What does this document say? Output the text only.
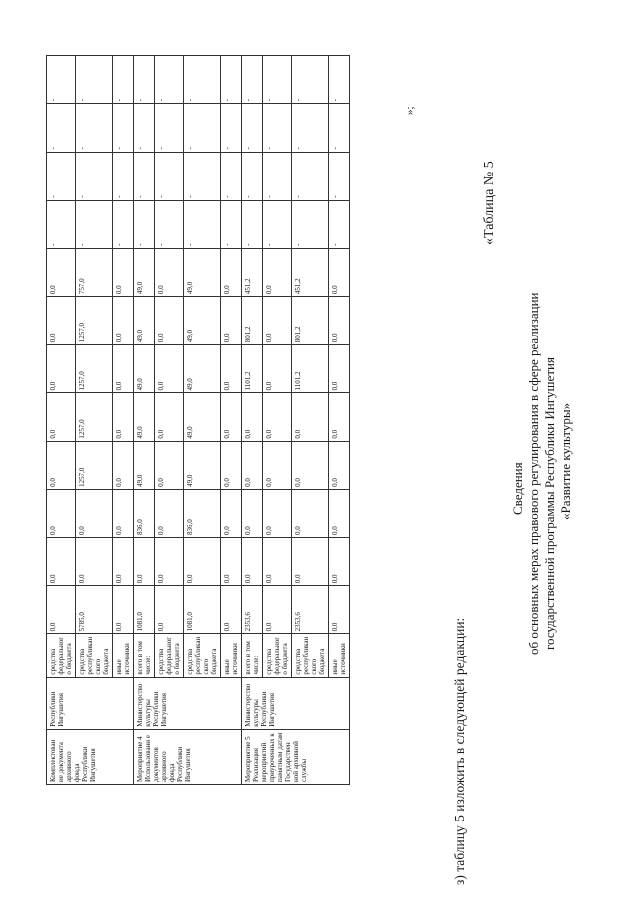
Комплектован ие документа архивного фонда Республики Ингушетия	Республики Ингушетия	средства федеральног о бюджета	0,0	0,0	0,0	0,0	0,0	0,0	0,0	0,0	-	-	-	-
		средства республикан ского бюджета	5785,0	0,0	0,0	1257,0	1257,0	1257,0	1257,0	757,0	-	-	-	-
		иные источники	0,0	0,0	0,0	0,0	0,0	0,0	0,0	0,0	-	-	-	-
Мероприятие 4 Использовани е документов архивного фонда Республики Ингушетия	Министерство культуры Республики Ингушетия	всего в том числе:	1081,0	0,0	836,0	49,0	49,0	49,0	49,0	49,0	-	-	-	-
		средства федеральног о бюджета	0,0	0,0	0,0	0,0	0,0	0,0	0,0	0,0	-	-	-	-
		средства республикан ского бюджета	1081,0	0,0	836,0	49,0	49,0	49,0	49,0	49,0	-	-	-	-
		иные источники	0,0	0,0	0,0	0,0	0,0	0,0	0,0	0,0	-	-	-	-
Мероприятие 5 Реализация мероприятий приуроченных к памятным датам Государствен ной архивной службы	Министерство культуры Республики Ингушетия	всего в том числе:	2353,6	0,0	0,0	0,0	0,0	1101,2	801,2	451,2	-	-	-	-
		средства федеральног о бюджета	0,0	0,0	0,0	0,0	0,0	0,0	0,0	0,0	-	-	-	-
		средства республикан ского бюджета	2353,6	0,0	0,0	0,0	0,0	1101,2	801,2	451,2	-	-	-	-
		иные источники	0,0	0,0	0,0	0,0	0,0	0,0	0,0	0,0	-	-	-	-
з) таблицу 5 изложить в следующей редакции:
»;
«Таблица № 5
Сведения об основных мерах правового регулирования в сфере реализации государственной программы Республики Ингушетия «Развитие культуры»
